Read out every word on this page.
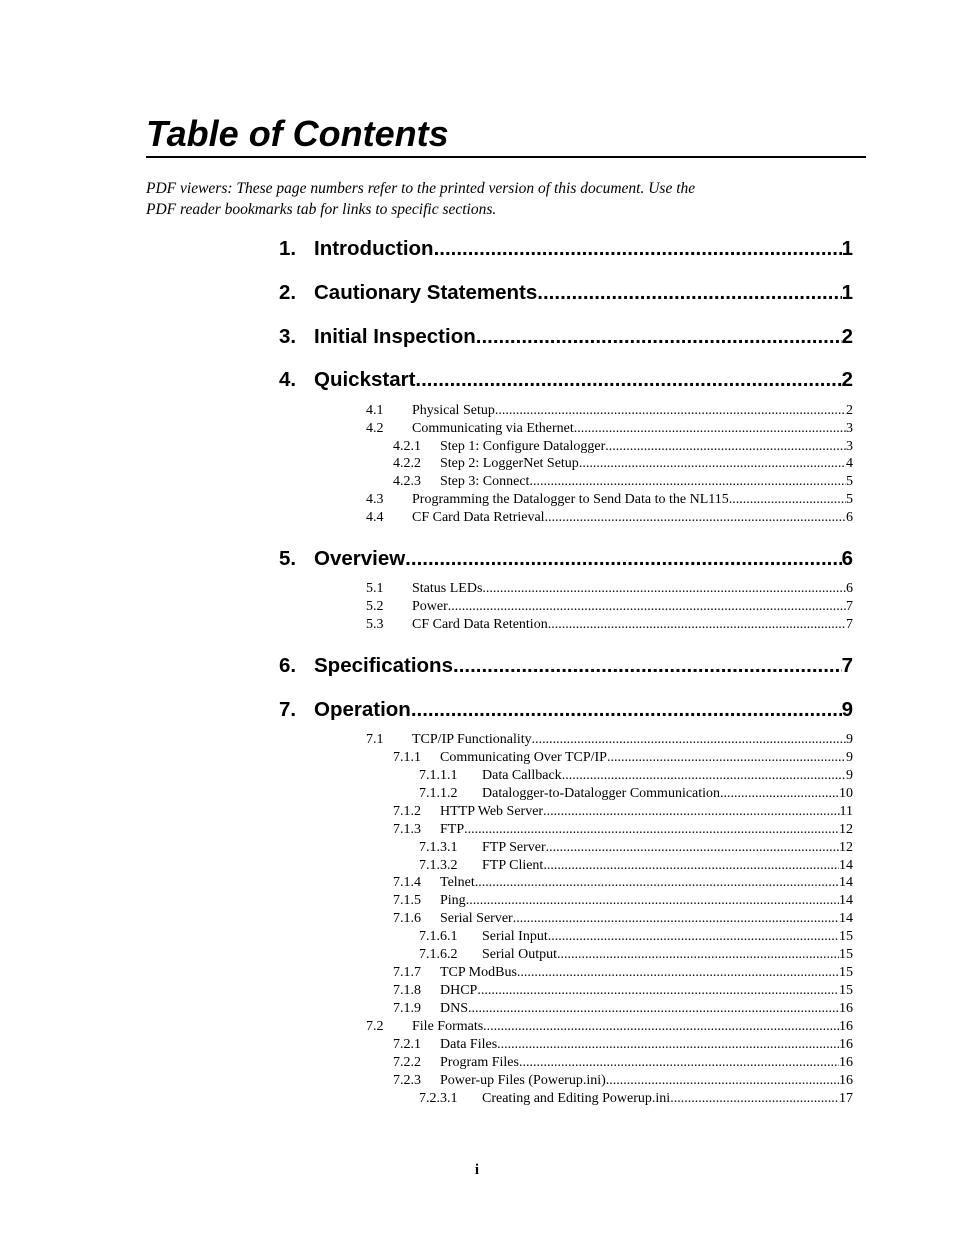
Table of Contents
PDF viewers: These page numbers refer to the printed version of this document. Use the
PDF reader bookmarks tab for links to specific sections.
1. Introduction .....	1
2. Cautionary Statements .....	1
3. Initial Inspection .....	2
4. Quickstart .....	2
4.1	Physical Setup .....	2
4.2	Communicating via Ethernet .....	3
4.2.1	Step 1: Configure Datalogger .....	3
4.2.2	Step 2: LoggerNet Setup .....	4
4.2.3	Step 3: Connect .....	5
4.3	Programming the Datalogger to Send Data to the NL115 .....	5
4.4	CF Card Data Retrieval .....	6
5. Overview .....	6
5.1	Status LEDs .....	6
5.2	Power .....	7
5.3	CF Card Data Retention .....	7
6. Specifications .....	7
7. Operation .....	9
7.1	TCP/IP Functionality .....	9
7.1.1	Communicating Over TCP/IP .....	9
7.1.1.1	Data Callback .....	9
7.1.1.2	Datalogger-to-Datalogger Communication .....	10
7.1.2	HTTP Web Server .....	11
7.1.3	FTP .....	12
7.1.3.1	FTP Server .....	12
7.1.3.2	FTP Client .....	14
7.1.4	Telnet .....	14
7.1.5	Ping .....	14
7.1.6	Serial Server .....	14
7.1.6.1	Serial Input .....	15
7.1.6.2	Serial Output .....	15
7.1.7	TCP ModBus .....	15
7.1.8	DHCP .....	15
7.1.9	DNS .....	16
7.2	File Formats .....	16
7.2.1	Data Files .....	16
7.2.2	Program Files .....	16
7.2.3	Power-up Files (Powerup.ini) .....	16
7.2.3.1	Creating and Editing Powerup.ini .....	17
i
